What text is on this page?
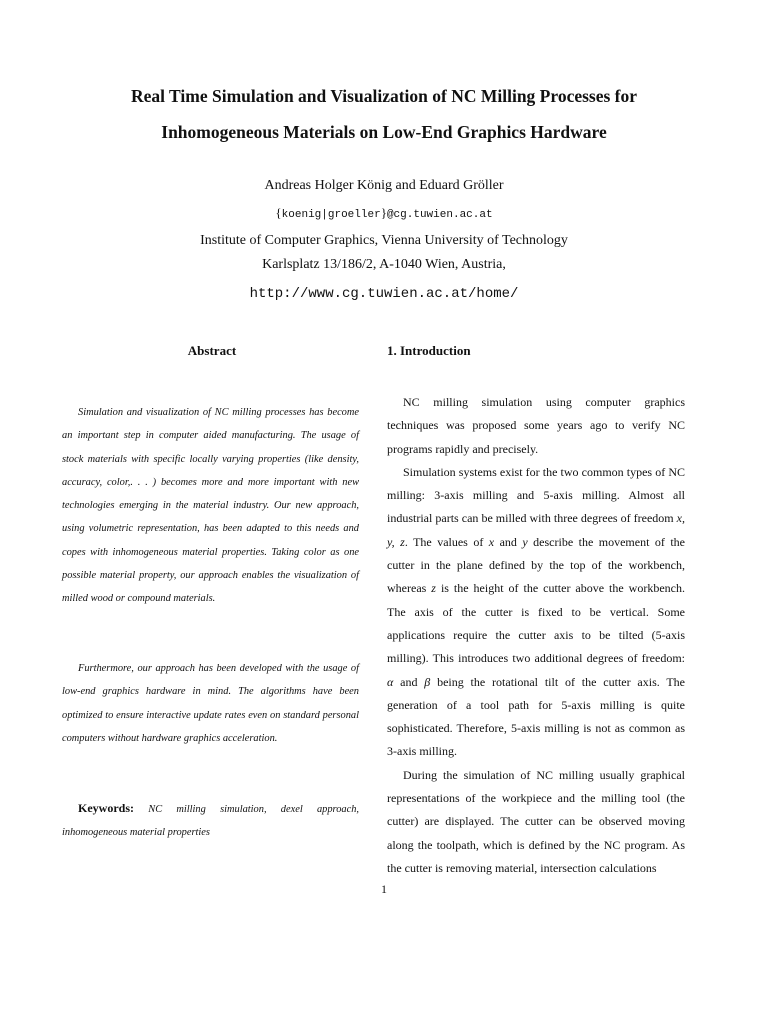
Real Time Simulation and Visualization of NC Milling Processes for
Inhomogeneous Materials on Low-End Graphics Hardware
Andreas Holger König and Eduard Gröller
{koenig|groeller}@cg.tuwien.ac.at
Institute of Computer Graphics, Vienna University of Technology
Karlsplatz 13/186/2, A-1040 Wien, Austria,
http://www.cg.tuwien.ac.at/home/
Abstract	1. Introduction

Simulation and visualization of NC milling processes has become an important step in computer aided manufacturing. The usage of stock materials with specific locally varying properties (like density, accuracy, color,. . . ) becomes more and more important with new technologies emerging in the material industry. Our new approach, using volumetric representation, has been adapted to this needs and copes with inhomogeneous material properties. Taking color as one possible material property, our approach enables the visualization of milled wood or compound materials.

Furthermore, our approach has been developed with the usage of low-end graphics hardware in mind. The algorithms have been optimized to ensure interactive update rates even on standard personal computers without hardware graphics acceleration.

Keywords: NC milling simulation, dexel approach, inhomogeneous material properties

NC milling simulation using computer graphics techniques was proposed some years ago to verify NC programs rapidly and precisely.

Simulation systems exist for the two common types of NC milling: 3-axis milling and 5-axis milling. Almost all industrial parts can be milled with three degrees of freedom x, y, z. The values of x and y describe the movement of the cutter in the plane defined by the top of the workbench, whereas z is the height of the cutter above the workbench. The axis of the cutter is fixed to be vertical. Some applications require the cutter axis to be tilted (5-axis milling). This introduces two additional degrees of freedom: α and β being the rotational tilt of the cutter axis. The generation of a tool path for 5-axis milling is quite sophisticated. Therefore, 5-axis milling is not as common as 3-axis milling.

During the simulation of NC milling usually graphical representations of the workpiece and the milling tool (the cutter) are displayed. The cutter can be observed moving along the toolpath, which is defined by the NC program. As the cutter is removing material, intersection calculations

1
